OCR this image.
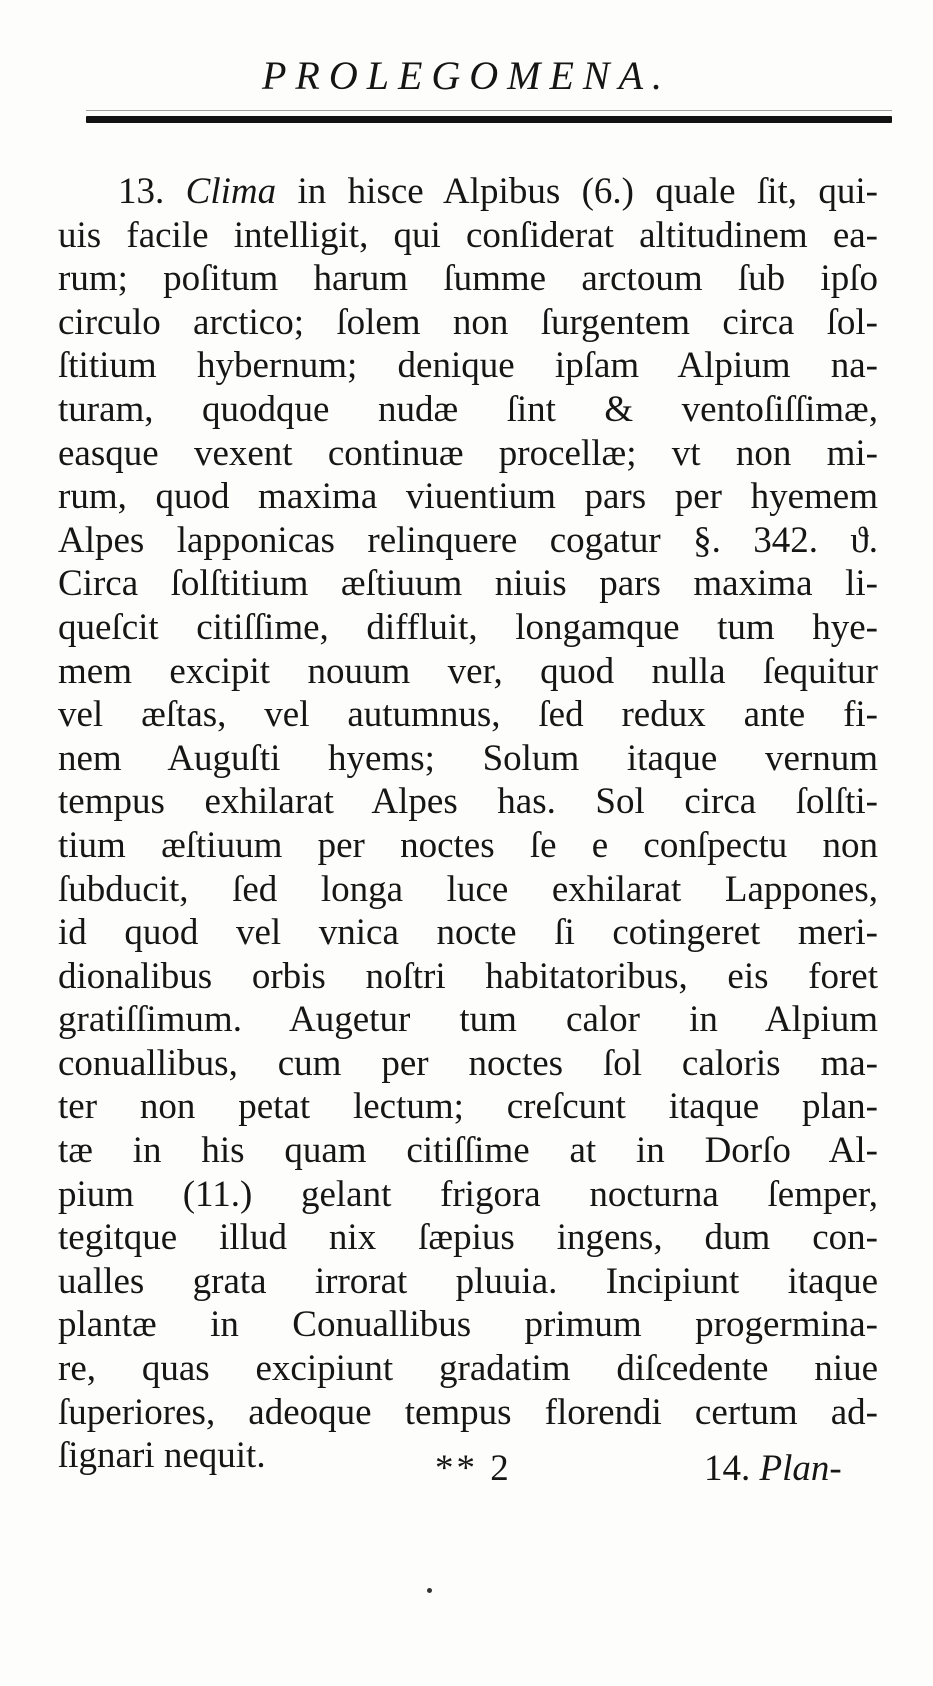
PROLEGOMENA.
13. Clima in hisce Alpibus (6.) quale ſit, qui-
uis facile intelligit, qui conſiderat altitudinem ea-
rum; poſitum harum ſumme arctoum ſub ipſo
circulo arctico; ſolem non ſurgentem circa ſol-
ſtitium hybernum; denique ipſam Alpium na-
turam, quodque nudæ ſint & ventoſiſſimæ,
easque vexent continuæ procellæ; vt non mi-
rum, quod maxima viuentium pars per hyemem
Alpes lapponicas relinquere cogatur §. 342. ϑ.
Circa ſolſtitium æſtiuum niuis pars maxima li-
queſcit citiſſime, diffluit, longamque tum hye-
mem excipit nouum ver, quod nulla ſequitur
vel æſtas, vel autumnus, ſed redux ante fi-
nem Auguſti hyems; Solum itaque vernum
tempus exhilarat Alpes has. Sol circa ſolſti-
tium æſtiuum per noctes ſe e conſpectu non
ſubducit, ſed longa luce exhilarat Lappones,
id quod vel vnica nocte ſi cotingeret meri-
dionalibus orbis noſtri habitatoribus, eis foret
gratiſſimum. Augetur tum calor in Alpium
conuallibus, cum per noctes ſol caloris ma-
ter non petat lectum; creſcunt itaque plan-
tæ in his quam citiſſime at in Dorſo Al-
pium (11.) gelant frigora nocturna ſemper,
tegitque illud nix ſæpius ingens, dum con-
ualles grata irrorat pluuia. Incipiunt itaque
plantæ in Conuallibus primum progermina-
re, quas excipiunt gradatim diſcedente niue
ſuperiores, adeoque tempus florendi certum ad-
ſignari nequit.	** 2	14. Plan-
